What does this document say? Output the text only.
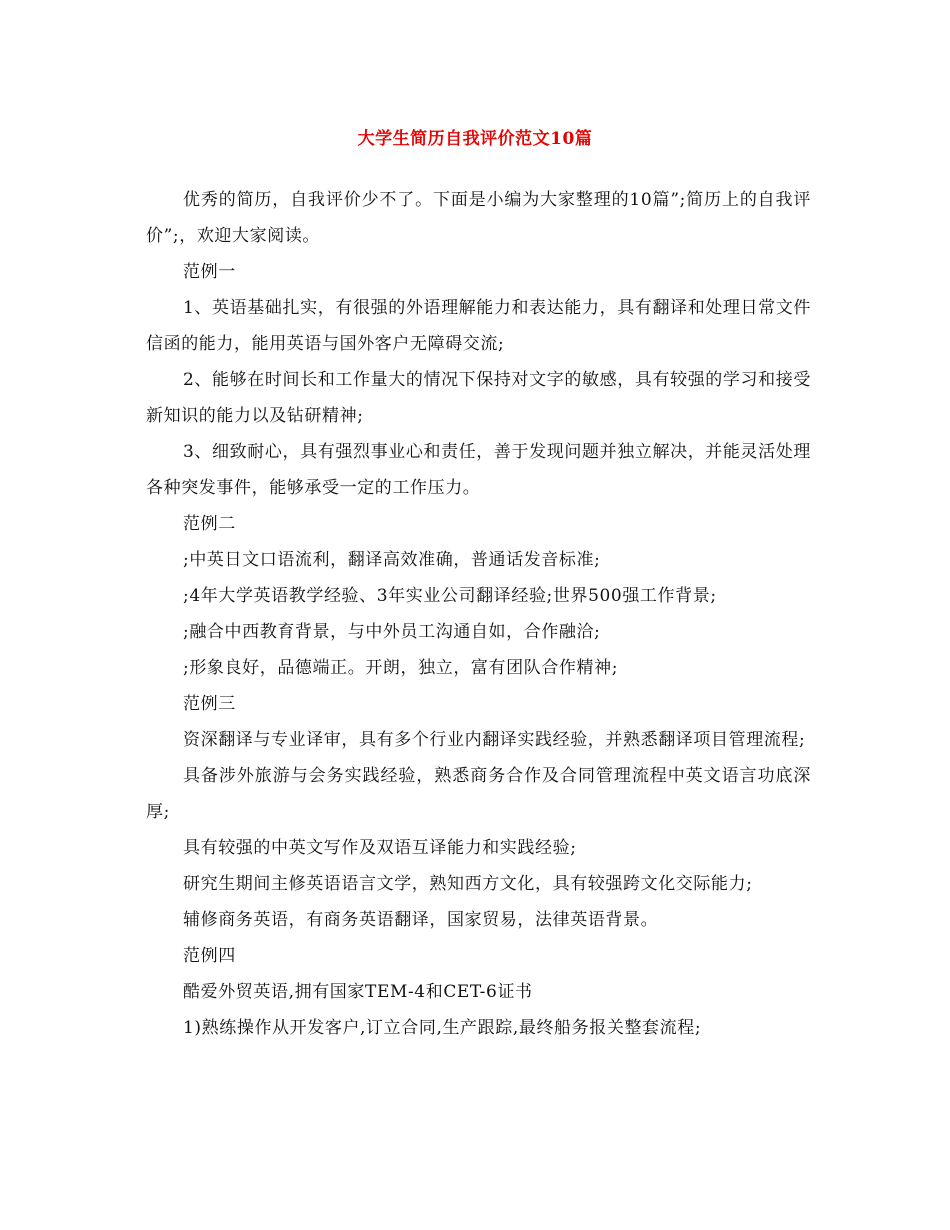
大学生简历自我评价范文10篇

优秀的简历，自我评价少不了。下面是小编为大家整理的10篇”;简历上的自我评价”;，欢迎大家阅读。

范例一

1、英语基础扎实，有很强的外语理解能力和表达能力，具有翻译和处理日常文件信函的能力，能用英语与国外客户无障碍交流;

2、能够在时间长和工作量大的情况下保持对文字的敏感，具有较强的学习和接受新知识的能力以及钻研精神;

3、细致耐心，具有强烈事业心和责任，善于发现问题并独立解决，并能灵活处理各种突发事件，能够承受一定的工作压力。

范例二

;中英日文口语流利，翻译高效准确，普通话发音标准;

;4年大学英语教学经验、3年实业公司翻译经验;世界500强工作背景;

;融合中西教育背景，与中外员工沟通自如，合作融洽;

;形象良好，品德端正。开朗，独立，富有团队合作精神;

范例三

资深翻译与专业译审，具有多个行业内翻译实践经验，并熟悉翻译项目管理流程;

具备涉外旅游与会务实践经验，熟悉商务合作及合同管理流程中英文语言功底深厚;

具有较强的中英文写作及双语互译能力和实践经验;

研究生期间主修英语语言文学，熟知西方文化，具有较强跨文化交际能力;

辅修商务英语，有商务英语翻译，国家贸易，法律英语背景。

范例四

酷爱外贸英语,拥有国家TEM-4和CET-6证书

1)熟练操作从开发客户,订立合同,生产跟踪,最终船务报关整套流程;
